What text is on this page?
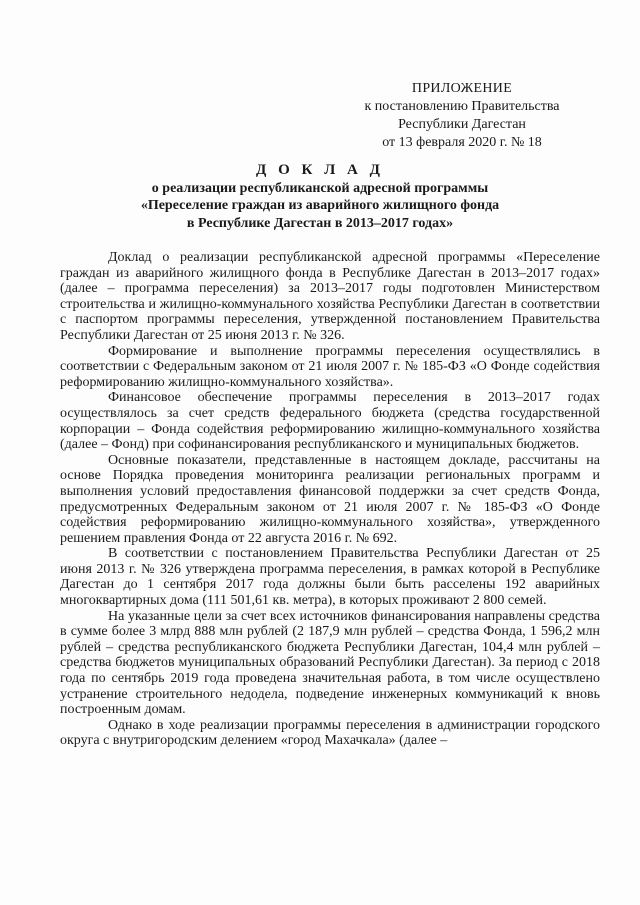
ПРИЛОЖЕНИЕ
к постановлению Правительства
Республики Дагестан
от 13 февраля 2020 г. № 18
Д О К Л А Д
о реализации республиканской адресной программы
«Переселение граждан из аварийного жилищного фонда
в Республике Дагестан в 2013–2017 годах»

Доклад о реализации республиканской адресной программы «Переселение граждан из аварийного жилищного фонда в Республике Дагестан в 2013–2017 годах» (далее – программа переселения) за 2013–2017 годы подготовлен Министерством строительства и жилищно-коммунального хозяйства Республики Дагестан в соответствии с паспортом программы переселения, утвержденной постановлением Правительства Республики Дагестан от 25 июня 2013 г. № 326.

Формирование и выполнение программы переселения осуществлялись в соответствии с Федеральным законом от 21 июля 2007 г. № 185-ФЗ «О Фонде содействия реформированию жилищно-коммунального хозяйства».

Финансовое обеспечение программы переселения в 2013–2017 годах осуществлялось за счет средств федерального бюджета (средства государственной корпорации – Фонда содействия реформированию жилищно-коммунального хозяйства (далее – Фонд) при софинансирования республиканского и муниципальных бюджетов.

Основные показатели, представленные в настоящем докладе, рассчитаны на основе Порядка проведения мониторинга реализации региональных программ и выполнения условий предоставления финансовой поддержки за счет средств Фонда, предусмотренных Федеральным законом от 21 июля 2007 г. № 185-ФЗ «О Фонде содействия реформированию жилищно-коммунального хозяйства», утвержденного решением правления Фонда от 22 августа 2016 г. № 692.

В соответствии с постановлением Правительства Республики Дагестан от 25 июня 2013 г. № 326 утверждена программа переселения, в рамках которой в Республике Дагестан до 1 сентября 2017 года должны были быть расселены 192 аварийных многоквартирных дома (111 501,61 кв. метра), в которых проживают 2 800 семей.

На указанные цели за счет всех источников финансирования направлены средства в сумме более 3 млрд 888 млн рублей (2 187,9 млн рублей – средства Фонда, 1 596,2 млн рублей – средства республиканского бюджета Республики Дагестан, 104,4 млн рублей – средства бюджетов муниципальных образований Республики Дагестан). За период с 2018 года по сентябрь 2019 года проведена значительная работа, в том числе осуществлено устранение строительного недодела, подведение инженерных коммуникаций к вновь построенным домам.

Однако в ходе реализации программы переселения в администрации городского округа с внутригородским делением «город Махачкала» (далее –
